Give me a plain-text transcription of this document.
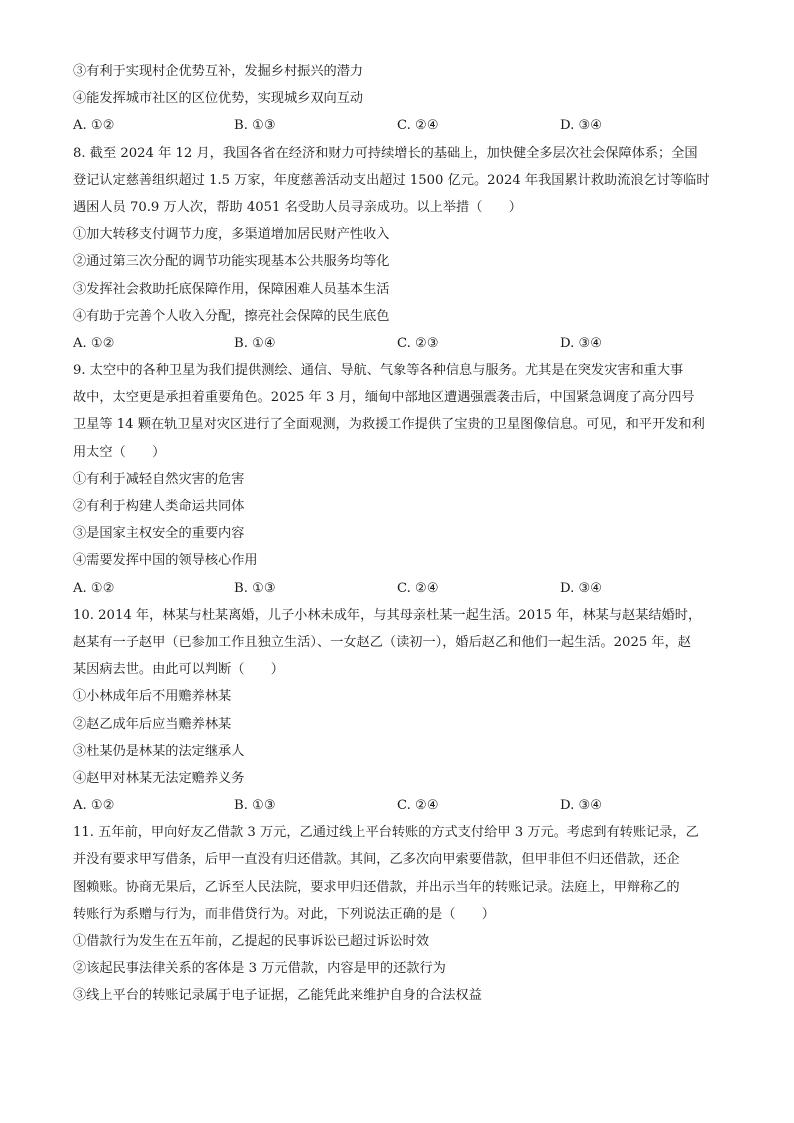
③有利于实现村企优势互补，发掘乡村振兴的潜力
④能发挥城市社区的区位优势，实现城乡双向互动
A. ①②	B. ①③	C. ②④	D. ③④
8. 截至 2024 年 12 月，我国各省在经济和财力可持续增长的基础上，加快健全多层次社会保障体系；全国
登记认定慈善组织超过 1.5 万家，年度慈善活动支出超过 1500 亿元。2024 年我国累计救助流浪乞讨等临时
遇困人员 70.9 万人次，帮助 4051 名受助人员寻亲成功。以上举措（　　）
①加大转移支付调节力度，多渠道增加居民财产性收入
②通过第三次分配的调节功能实现基本公共服务均等化
③发挥社会救助托底保障作用，保障困难人员基本生活
④有助于完善个人收入分配，擦亮社会保障的民生底色
A. ①②	B. ①④	C. ②③	D. ③④
9. 太空中的各种卫星为我们提供测绘、通信、导航、气象等各种信息与服务。尤其是在突发灾害和重大事
故中，太空更是承担着重要角色。2025 年 3 月，缅甸中部地区遭遇强震袭击后，中国紧急调度了高分四号
卫星等 14 颗在轨卫星对灾区进行了全面观测，为救援工作提供了宝贵的卫星图像信息。可见，和平开发和利
用太空（　　）
①有利于减轻自然灾害的危害
②有利于构建人类命运共同体
③是国家主权安全的重要内容
④需要发挥中国的领导核心作用
A. ①②	B. ①③	C. ②④	D. ③④
10. 2014 年，林某与杜某离婚，儿子小林未成年，与其母亲杜某一起生活。2015 年，林某与赵某结婚时，
赵某有一子赵甲（已参加工作且独立生活）、一女赵乙（读初一），婚后赵乙和他们一起生活。2025 年，赵
某因病去世。由此可以判断（　　）
①小林成年后不用赡养林某
②赵乙成年后应当赡养林某
③杜某仍是林某的法定继承人
④赵甲对林某无法定赡养义务
A. ①②	B. ①③	C. ②④	D. ③④
11. 五年前，甲向好友乙借款 3 万元，乙通过线上平台转账的方式支付给甲 3 万元。考虑到有转账记录，乙
并没有要求甲写借条，后甲一直没有归还借款。其间，乙多次向甲索要借款，但甲非但不归还借款，还企
图赖账。协商无果后，乙诉至人民法院，要求甲归还借款，并出示当年的转账记录。法庭上，甲辩称乙的
转账行为系赠与行为，而非借贷行为。对此，下列说法正确的是（　　）
①借款行为发生在五年前，乙提起的民事诉讼已超过诉讼时效
②该起民事法律关系的客体是 3 万元借款，内容是甲的还款行为
③线上平台的转账记录属于电子证据，乙能凭此来维护自身的合法权益
